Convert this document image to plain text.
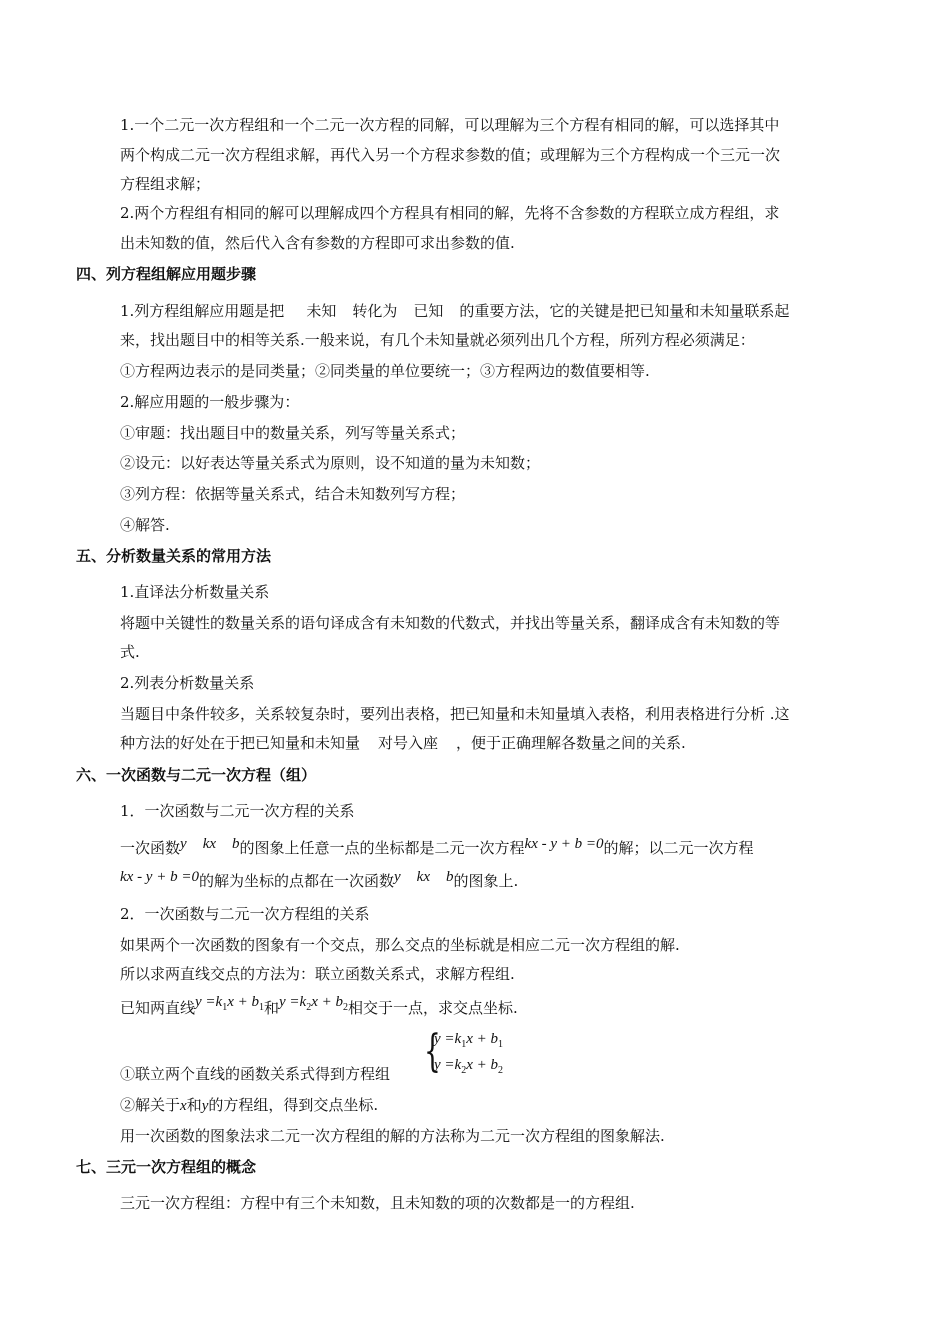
1.一个二元一次方程组和一个二元一次方程的同解，可以理解为三个方程有相同的解，可以选择其中
两个构成二元一次方程组求解，再代入另一个方程求参数的值；或理解为三个方程构成一个三元一次
方程组求解；
2.两个方程组有相同的解可以理解成四个方程具有相同的解，先将不含参数的方程联立成方程组，求
出未知数的值，然后代入含有参数的方程即可求出参数的值.
四、列方程组解应用题步骤
1.列方程组解应用题是把 未知 转化为 已知 的重要方法，它的关键是把已知量和未知量联系起
来，找出题目中的相等关系.一般来说，有几个未知量就必须列出几个方程，所列方程必须满足：
①方程两边表示的是同类量；②同类量的单位要统一；③方程两边的数值要相等.
2.解应用题的一般步骤为：
①审题：找出题目中的数量关系，列写等量关系式；
②设元：以好表达等量关系式为原则，设不知道的量为未知数；
③列方程：依据等量关系式，结合未知数列写方程；
④解答.
五、分析数量关系的常用方法
1.直译法分析数量关系
将题中关键性的数量关系的语句译成含有未知数的代数式，并找出等量关系，翻译成含有未知数的等
式.
2.列表分析数量关系
当题目中条件较多，关系较复杂时，要列出表格，把已知量和未知量填入表格，利用表格进行分析 .这
种方法的好处在于把已知量和未知量 对号入座 ，便于正确理解各数量之间的关系.
六、一次函数与二元一次方程（组）
1．一次函数与二元一次方程的关系
一次函数y kx b的图象上任意一点的坐标都是二元一次方程kx - y + b =0的解；以二元一次方程
kx - y + b =0的解为坐标的点都在一次函数y kx b的图象上.
2．一次函数与二元一次方程组的关系
如果两个一次函数的图象有一个交点，那么交点的坐标就是相应二元一次方程组的解.
所以求两直线交点的方法为：联立函数关系式，求解方程组.
已知两直线$y =k_1x + b_1$和$y =k_2x + b_2$相交于一点，求交点坐标.
{
$y =k_1x + b_1$
$y =k_2x + b_2$
①联立两个直线的函数关系式得到方程组
②解关于x和y的方程组，得到交点坐标.
用一次函数的图象法求二元一次方程组的解的方法称为二元一次方程组的图象解法.
七、三元一次方程组的概念
三元一次方程组：方程中有三个未知数，且未知数的项的次数都是一的方程组.
